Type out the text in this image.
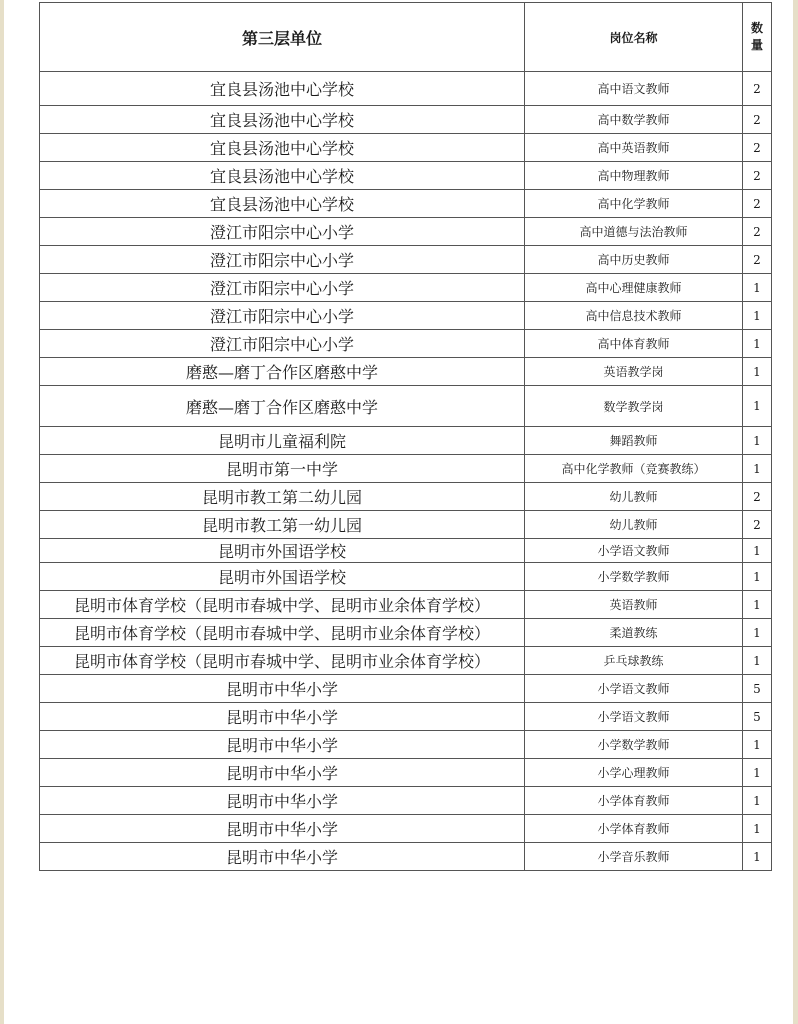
第三层单位	岗位名称	数
量
宜良县汤池中心学校	高中语文教师	2
宜良县汤池中心学校	高中数学教师	2
宜良县汤池中心学校	高中英语教师	2
宜良县汤池中心学校	高中物理教师	2
宜良县汤池中心学校	高中化学教师	2
澄江市阳宗中心小学	高中道德与法治教师	2
澄江市阳宗中心小学	高中历史教师	2
澄江市阳宗中心小学	高中心理健康教师	1
澄江市阳宗中心小学	高中信息技术教师	1
澄江市阳宗中心小学	高中体育教师	1
磨憨—磨丁合作区磨憨中学	英语教学岗	1
磨憨—磨丁合作区磨憨中学	数学教学岗	1
昆明市儿童福利院	舞蹈教师	1
昆明市第一中学	高中化学教师（竞赛教练）	1
昆明市教工第二幼儿园	幼儿教师	2
昆明市教工第一幼儿园	幼儿教师	2
昆明市外国语学校	小学语文教师	1
昆明市外国语学校	小学数学教师	1
昆明市体育学校（昆明市春城中学、昆明市业余体育学校）	英语教师	1
昆明市体育学校（昆明市春城中学、昆明市业余体育学校）	柔道教练	1
昆明市体育学校（昆明市春城中学、昆明市业余体育学校）	乒乓球教练	1
昆明市中华小学	小学语文教师	5
昆明市中华小学	小学语文教师	5
昆明市中华小学	小学数学教师	1
昆明市中华小学	小学心理教师	1
昆明市中华小学	小学体育教师	1
昆明市中华小学	小学体育教师	1
昆明市中华小学	小学音乐教师	1
